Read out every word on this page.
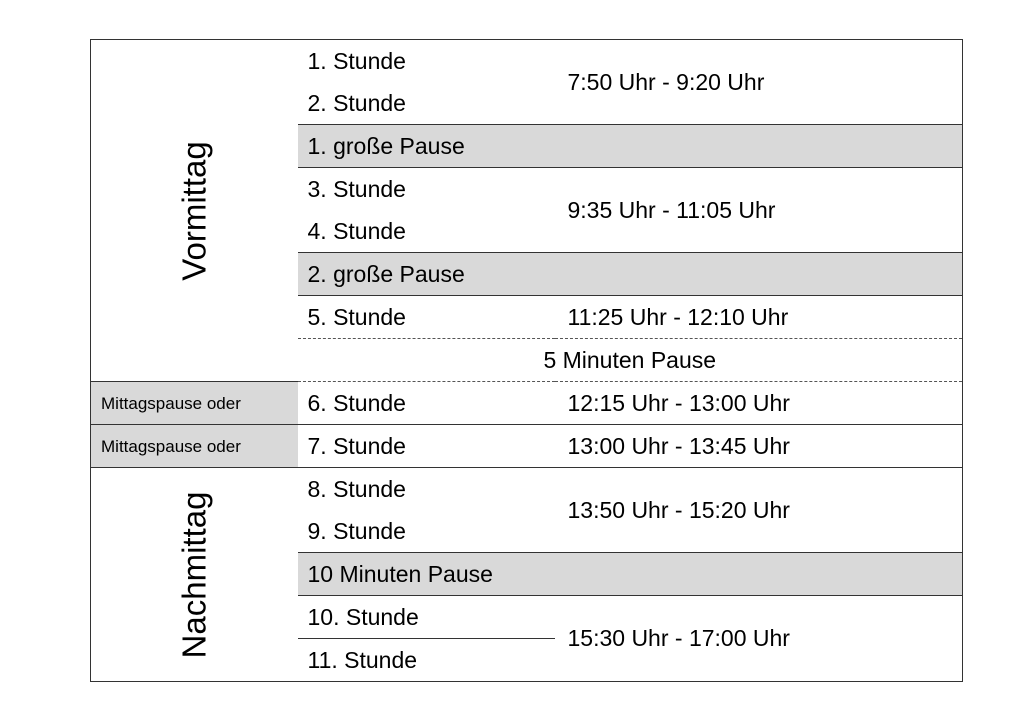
Vormittag	1. Stunde	7:50 Uhr - 9:20 Uhr
	2. Stunde	
	1. große Pause	
	3. Stunde	9:35 Uhr - 11:05 Uhr
	4. Stunde	
	2. große Pause	
	5. Stunde	11:25 Uhr - 12:10 Uhr
	5 Minuten Pause	
Mittagspause oder	6. Stunde	12:15 Uhr - 13:00 Uhr
Mittagspause oder	7. Stunde	13:00 Uhr - 13:45 Uhr

Nachmittag	8. Stunde	13:50 Uhr - 15:20 Uhr
	9. Stunde	
	10 Minuten Pause	
	10. Stunde	15:30 Uhr - 17:00 Uhr
	11. Stunde	
